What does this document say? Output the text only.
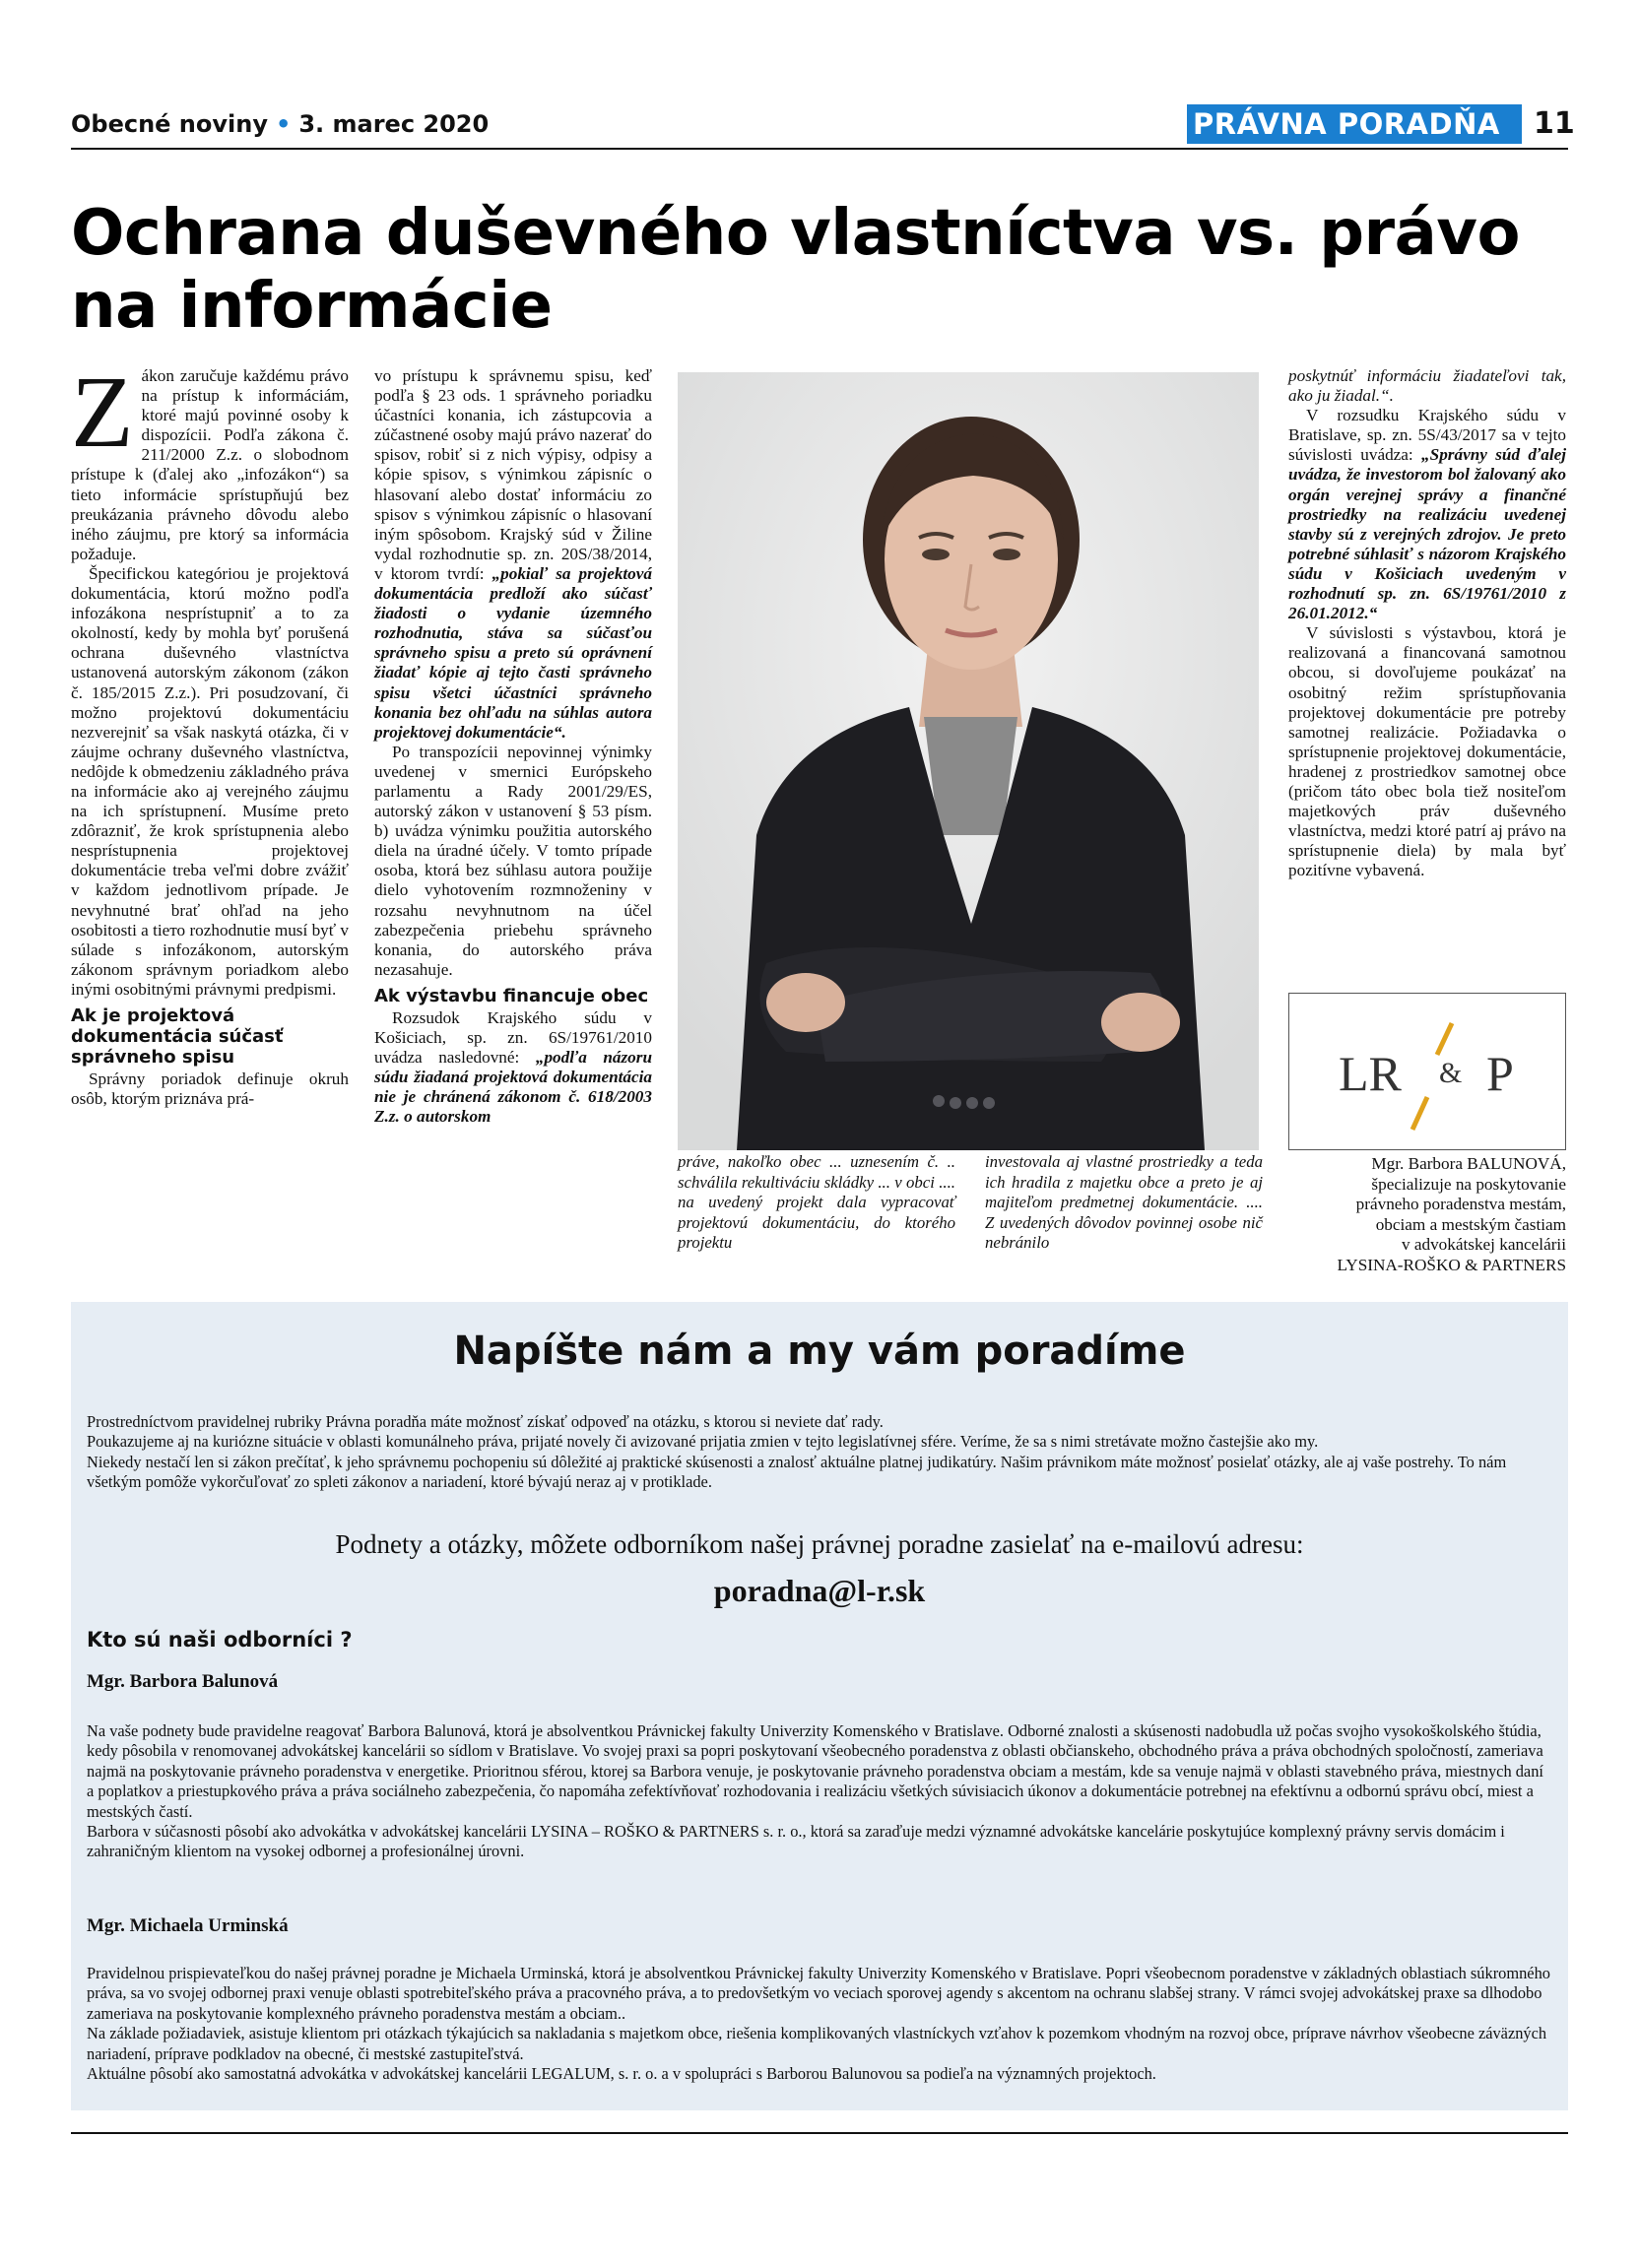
Obecné noviny • 3. marec 2020	PRÁVNA PORADŇA	11
Ochrana duševného vlastníctva vs. právo na informácie

Zákon zaručuje každému právo na prístup k informáciám, ktoré majú povinné osoby k dispozícii. Podľa zákona č. 211/2000 Z.z. o slobodnom prístupe k (ďalej ako „infozákon“) sa tieto informácie sprístupňujú bez preukázania právneho dôvodu alebo iného záujmu, pre ktorý sa informácia požaduje.

Špecifickou kategóriou je projektová dokumentácia, ktorú možno podľa infozákona nesprístupniť a to za okolností, kedy by mohla byť porušená ochrana duševného vlastníctva ustanovená autorským zákonom (zákon č. 185/2015 Z.z.). Pri posudzovaní, či možno projektovú dokumentáciu nezverejniť sa však naskytá otázka, či v záujme ochrany duševného vlastníctva, nedôjde k obmedzeniu základného práva na informácie ako aj verejného záujmu na ich sprístupnení. Musíme preto zdôrazniť, že krok sprístupnenia alebo nesprístupnenia projektovej dokumentácie treba veľmi dobre zvážiť v každom jednotlivom prípade. Je nevyhnutné brať ohľad na jeho osobitosti a tiето rozhodnutie musí byť v súlade s infozákonom, autorským zákonom správnym poriadkom alebo inými osobitnými právnymi predpismi.

Ak je projektová dokumentácia súčasť správneho spisu

Správny poriadok definuje okruh osôb, ktorým priznáva prá-

vo prístupu k správnemu spisu, keď podľa § 23 ods. 1 správneho poriadku účastníci konania, ich zástupcovia a zúčastnené osoby majú právo nazerať do spisov, robiť si z nich výpisy, odpisy a kópie spisov, s výnimkou zápisníc o hlasovaní alebo dostať informáciu zo spisov s výnimkou zápisníc o hlasovaní iným spôsobom. Krajský súd v Žiline vydal rozhodnutie sp. zn. 20S/38/2014, v ktorom tvrdí: „pokiaľ sa projektová dokumentácia predloží ako súčasť žiadosti o vydanie územného rozhodnutia, stáva sa súčasťou správneho spisu a preto sú oprávnení žiadať kópie aj tejto časti správneho spisu všetci účastníci správneho konania bez ohľadu na súhlas autora projektovej dokumentácie“.

Po transpozícii nepovinnej výnimky uvedenej v smernici Európskeho parlamentu a Rady 2001/29/ES, autorský zákon v ustanovení § 53 písm. b) uvádza výnimku použitia autorského diela na úradné účely. V tomto prípade osoba, ktorá bez súhlasu autora použije dielo vyhotovením rozmnoženiny v rozsahu nevyhnutnom na účel zabezpečenia priebehu správneho konania, do autorského práva nezasahuje.

Ak výstavbu financuje obec

Rozsudok Krajského súdu v Košiciach, sp. zn. 6S/19761/2010 uvádza nasledovné: „podľa názoru súdu žiadaná projektová dokumentácia nie je chránená zákonom č. 618/2003 Z.z. o autorskom

práve, nakoľko obec ... uznesením č. .. schválila rekultiváciu skládky ... v obci .... na uvedený projekt dala vypracovať projektovú dokumentáciu, do ktorého projektu
investovala aj vlastné prostriedky a teda ich hradila z majetku obce a preto je aj majiteľom predmetnej dokumentácie. .... Z uvedených dôvodov povinnej osobe nič nebránilo

poskytnúť informáciu žiadateľovi tak, ako ju žiadal.“.

V rozsudku Krajského súdu v Bratislave, sp. zn. 5S/43/2017 sa v tejto súvislosti uvádza: „Správny súd ďalej uvádza, že investorom bol žalovaný ako orgán verejnej správy a finančné prostriedky na realizáciu uvedenej stavby sú z verejných zdrojov. Je preto potrebné súhlasiť s názorom Krajského súdu v Košiciach uvedeným v rozhodnutí sp. zn. 6S/19761/2010 z 26.01.2012.“

V súvislosti s výstavbou, ktorá je realizovaná a financovaná samotnou obcou, si dovoľujeme poukázať na osobitný režim sprístupňovania projektovej dokumentácie pre potreby samotnej realizácie. Požiadavka o sprístupnenie projektovej dokumentácie, hradenej z prostriedkov samotnej obce (pričom táto obec bola tiež nositeľom majetkových práv duševného vlastníctva, medzi ktoré patrí aj právo na sprístupnenie diela) by mala byť pozitívne vybavená.

LR P
&
Mgr. Barbora BALUNOVÁ,
špecializuje na poskytovanie
právneho poradenstva mestám,
obciam a mestským častiam
v advokátskej kancelárii
LYSINA-ROŠKO & PARTNERS
Napíšte nám a my vám poradíme

Prostredníctvom pravidelnej rubriky Právna poradňa máte možnosť získať odpoveď na otázku, s ktorou si neviete dať rady.

Poukazujeme aj na kuriózne situácie v oblasti komunálneho práva, prijaté novely či avizované prijatia zmien v tejto legislatívnej sfére. Veríme, že sa s nimi stretávate možno častejšie ako my.

Niekedy nestačí len si zákon prečítať, k jeho správnemu pochopeniu sú dôležité aj praktické skúsenosti a znalosť aktuálne platnej judikatúry. Našim právnikom máte možnosť posielať otázky, ale aj vaše postrehy. To nám všetkým pomôže vykorčuľovať zo spleti zákonov a nariadení, ktoré bývajú neraz aj v protiklade.

Podnety a otázky, môžete odborníkom našej právnej poradne zasielať na e-mailovú adresu:
poradna@l-r.sk
Kto sú naši odborníci ?
Mgr. Barbora Balunová

Na vaše podnety bude pravidelne reagovať Barbora Balunová, ktorá je absolventkou Právnickej fakulty Univerzity Komenského v Bratislave. Odborné znalosti a skúsenosti nadobudla už počas svojho vysokoškolského štúdia, kedy pôsobila v renomovanej advokátskej kancelárii so sídlom v Bratislave. Vo svojej praxi sa popri poskytovaní všeobecného poradenstva z oblasti občianskeho, obchodného práva a práva obchodných spoločností, zameriava najmä na poskytovanie právneho poradenstva v energetike. Prioritnou sférou, ktorej sa Barbora venuje, je poskytovanie právneho poradenstva obciam a mestám, kde sa venuje najmä v oblasti stavebného práva, miestnych daní a poplatkov a priestupkového práva a práva sociálneho zabezpečenia, čo napomáha zefektívňovať rozhodovania i realizáciu všetkých súvisiacich úkonov a dokumentácie potrebnej na efektívnu a odbornú správu obcí, miest a mestských častí.

Barbora v súčasnosti pôsobí ako advokátka v advokátskej kancelárii LYSINA – ROŠKO & PARTNERS s. r. o., ktorá sa zaraďuje medzi významné advokátske kancelárie poskytujúce komplexný právny servis domácim i zahraničným klientom na vysokej odbornej a profesionálnej úrovni.

Mgr. Michaela Urminská

Pravidelnou prispievateľkou do našej právnej poradne je Michaela Urminská, ktorá je absolventkou Právnickej fakulty Univerzity Komenského v Bratislave. Popri všeobecnom poradenstve v základných oblastiach súkromného práva, sa vo svojej odbornej praxi venuje oblasti spotrebiteľského práva a pracovného práva, a to predovšetkým vo veciach sporovej agendy s akcentom na ochranu slabšej strany. V rámci svojej advokátskej praxe sa dlhodobo zameriava na poskytovanie komplexného právneho poradenstva mestám a obciam..

Na základe požiadaviek, asistuje klientom pri otázkach týkajúcich sa nakladania s majetkom obce, riešenia komplikovaných vlastníckych vzťahov k pozemkom vhodným na rozvoj obce, príprave návrhov všeobecne záväzných nariadení, príprave podkladov na obecné, či mestské zastupiteľstvá.

Aktuálne pôsobí ako samostatná advokátka v advokátskej kancelárii LEGALUM, s. r. o. a v spolupráci s Barborou Balunovou sa podieľa na významných projektoch.
